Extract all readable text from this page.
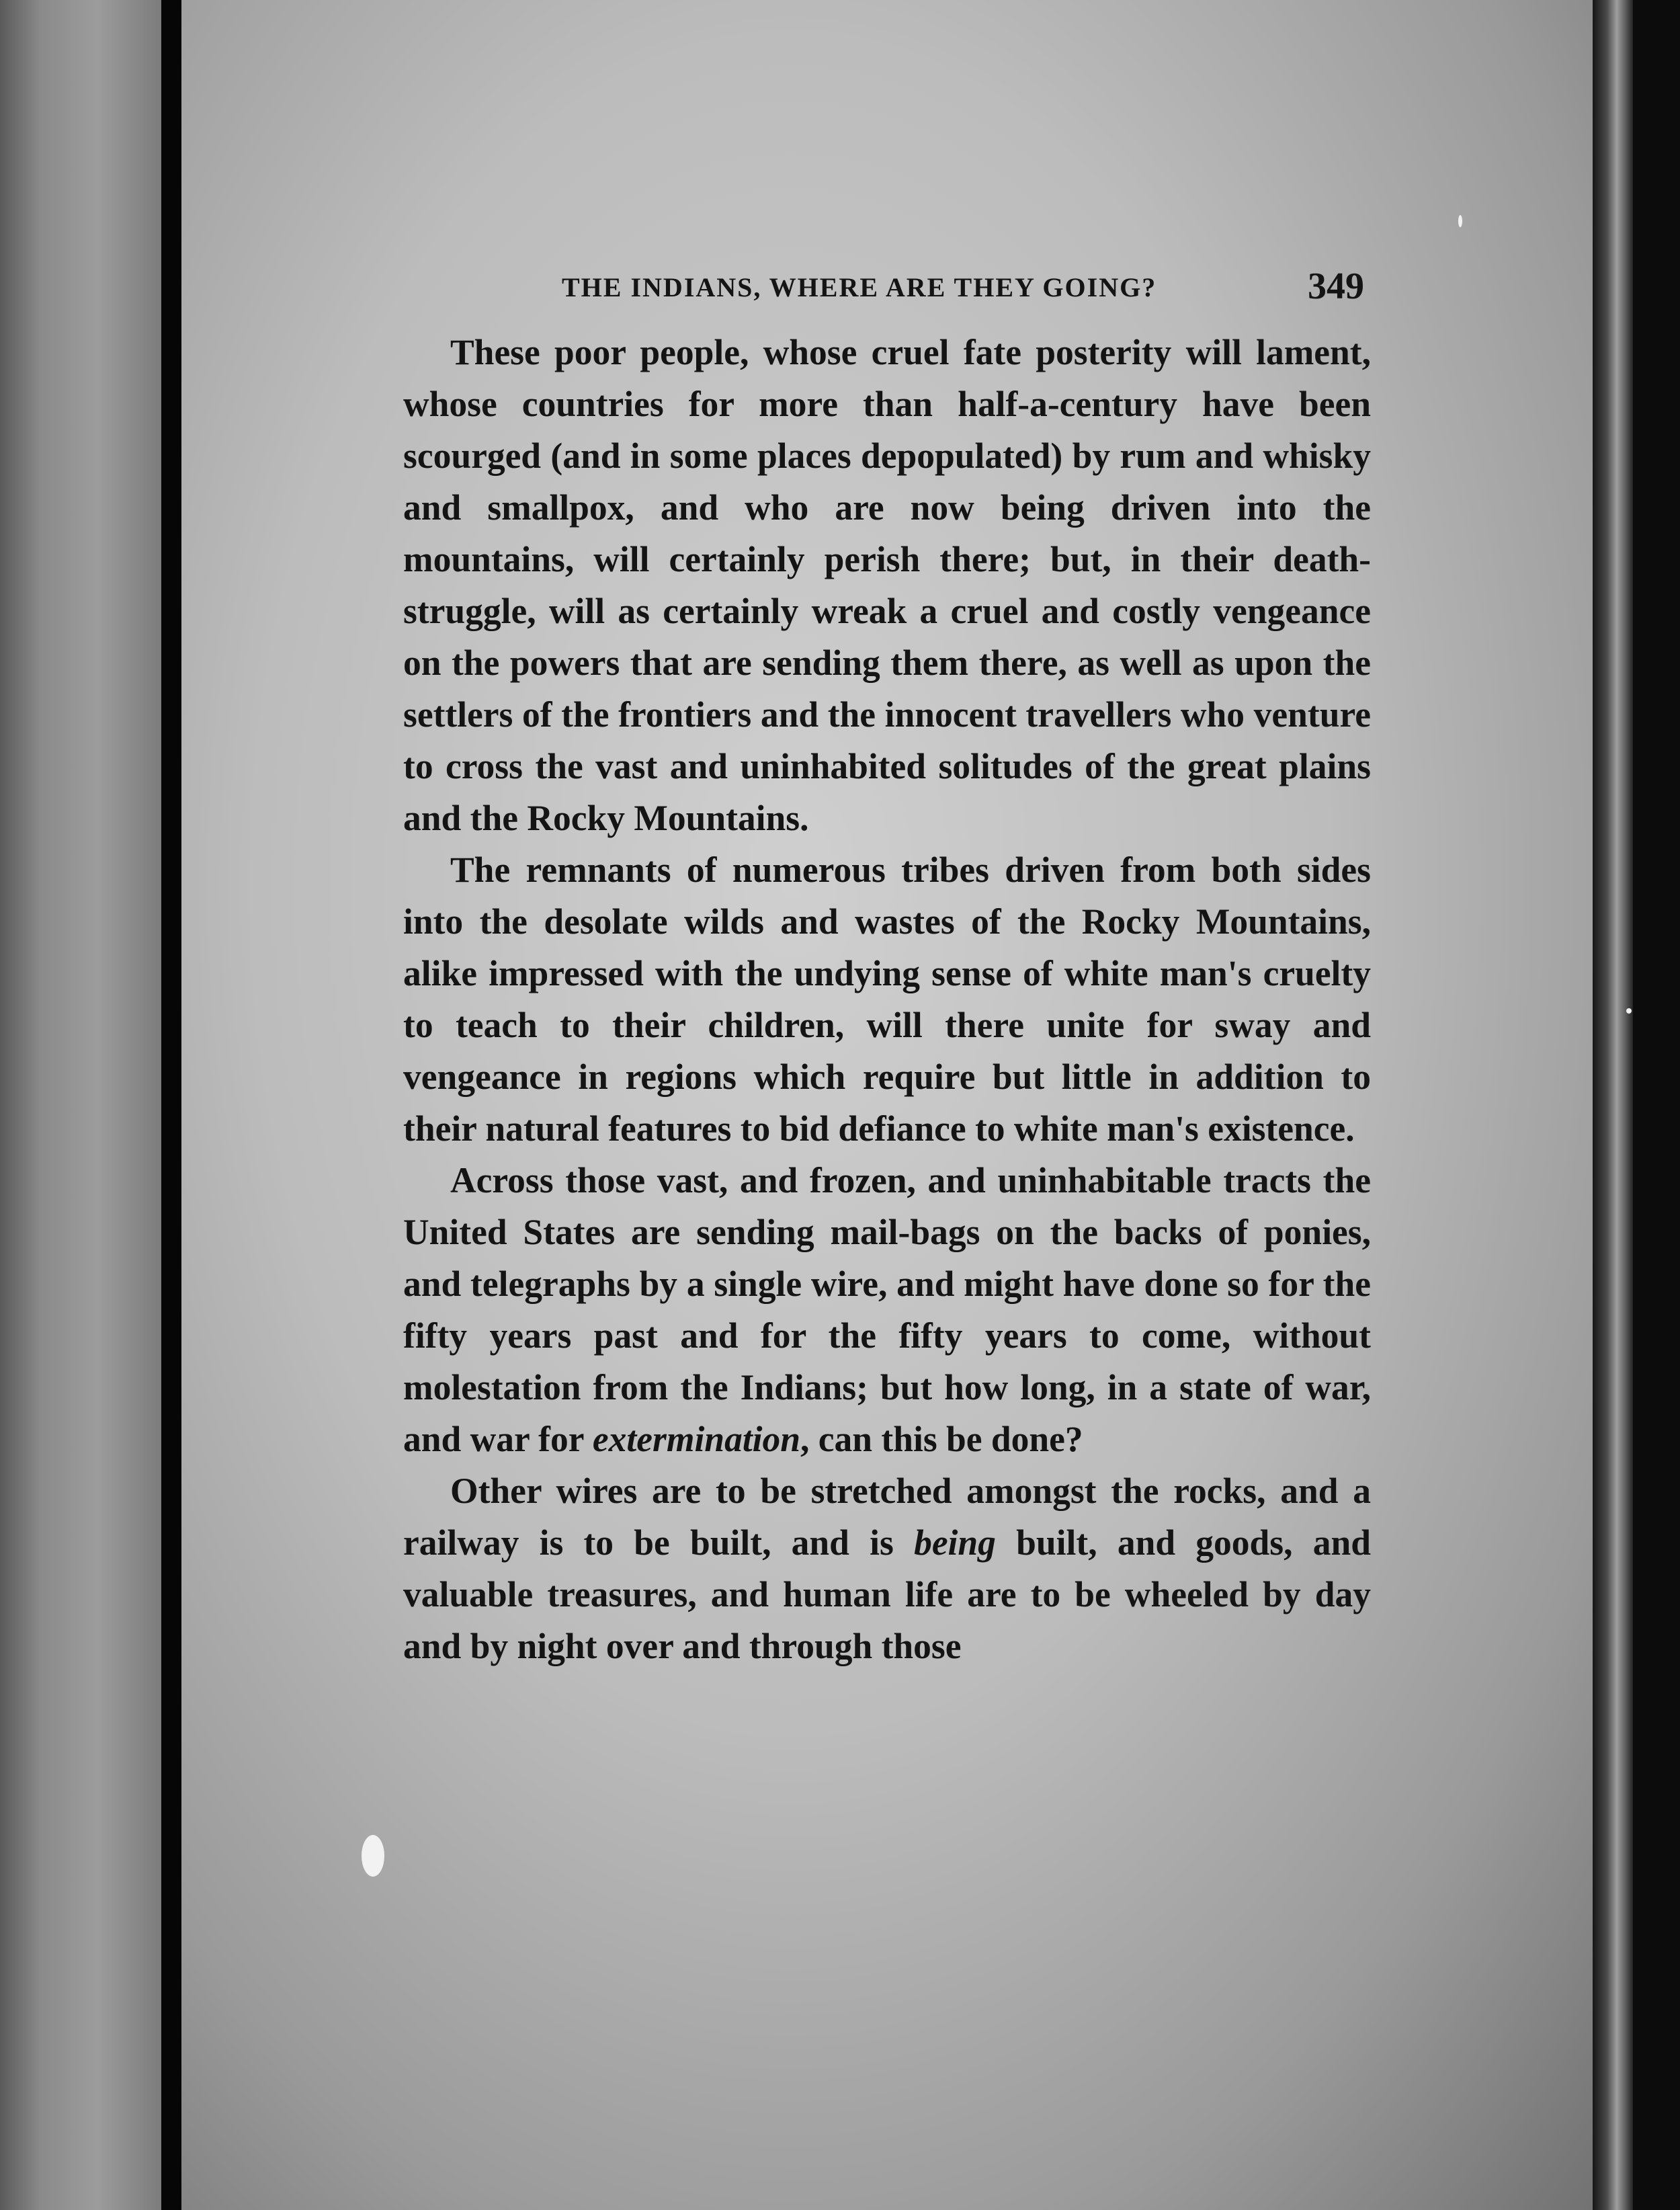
THE INDIANS, WHERE ARE THEY GOING?	349

These poor people, whose cruel fate posterity will lament, whose countries for more than half-a-century have been scourged (and in some places depopulated) by rum and whisky and smallpox, and who are now being driven into the mountains, will certainly perish there; but, in their death-struggle, will as certainly wreak a cruel and costly vengeance on the powers that are sending them there, as well as upon the settlers of the frontiers and the innocent travellers who venture to cross the vast and uninhabited solitudes of the great plains and the Rocky Mountains.

The remnants of numerous tribes driven from both sides into the desolate wilds and wastes of the Rocky Mountains, alike impressed with the undying sense of white man's cruelty to teach to their children, will there unite for sway and vengeance in regions which require but little in addition to their natural features to bid defiance to white man's existence.

Across those vast, and frozen, and uninhabitable tracts the United States are sending mail-bags on the backs of ponies, and telegraphs by a single wire, and might have done so for the fifty years past and for the fifty years to come, without molestation from the Indians; but how long, in a state of war, and war for extermination, can this be done?

Other wires are to be stretched amongst the rocks, and a railway is to be built, and is being built, and goods, and valuable treasures, and human life are to be wheeled by day and by night over and through those
